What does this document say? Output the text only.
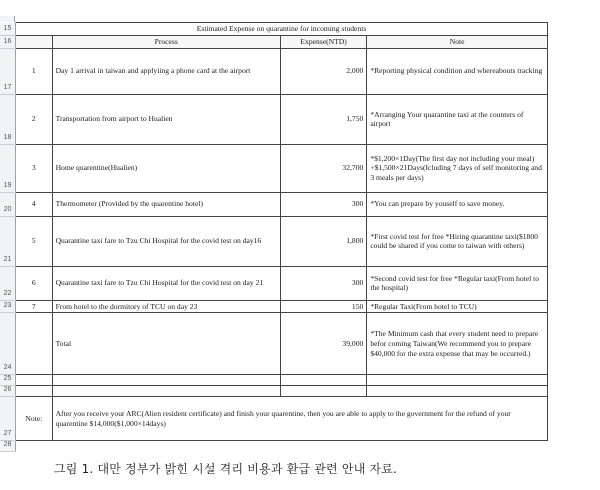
15	Estimated Expense on quarantine for incoming students			
16		Process	Expense(NTD)	Note
17	1	Day 1 arrival in taiwan and applyiing a phone card at the airport	2,000	*Reporting physical condition and whereabouts tracking
18	2	Transportation from airport to Hualien	1,750	*Arranging Your quarantine taxi at the counters of airport
19	3	Home quarentine(Hualien)	32,700	*$1,200×1Day(The first day not including your meal) +$1,500×21Days(Icluding 7 days of self monitoring and 3 meals per days)
20	4	Thermometer (Provided by the quarentine hotel)	300	*You can prepare by youself to save money.
21	5	Quarantine taxi fare to Tzu Chi Hospital for the covid test on day16	1,800	*First covid test for free *Hiring quarantine taxi($1800 could be shared if you come to taiwan with others)
22	6	Quarantine taxi fare to Tzu Chi Hospital for the covid test on day 21	300	*Second covid test for free *Regular taxi(From hotel to the hospital)
23	7	From hotel to the dormitory of TCU on day 23	150	*Regular Taxi(From hotel to TCU)
24		Total	39,000	*The Minimum cash that every student need to prepare befor coming Taiwan(We recommend you to prepare $40,000 for the extra expense that may be occurred.)
25				
26				
27	Note:	After you receive your ARC(Alien resident certificate) and finish your quarentine, then you are able to apply to the government for the refund of your quarentine $14,000($1,000×14days)		
28				
그림 1. 대만 정부가 밝힌 시설 격리 비용과 환급 관련 안내 자료.
